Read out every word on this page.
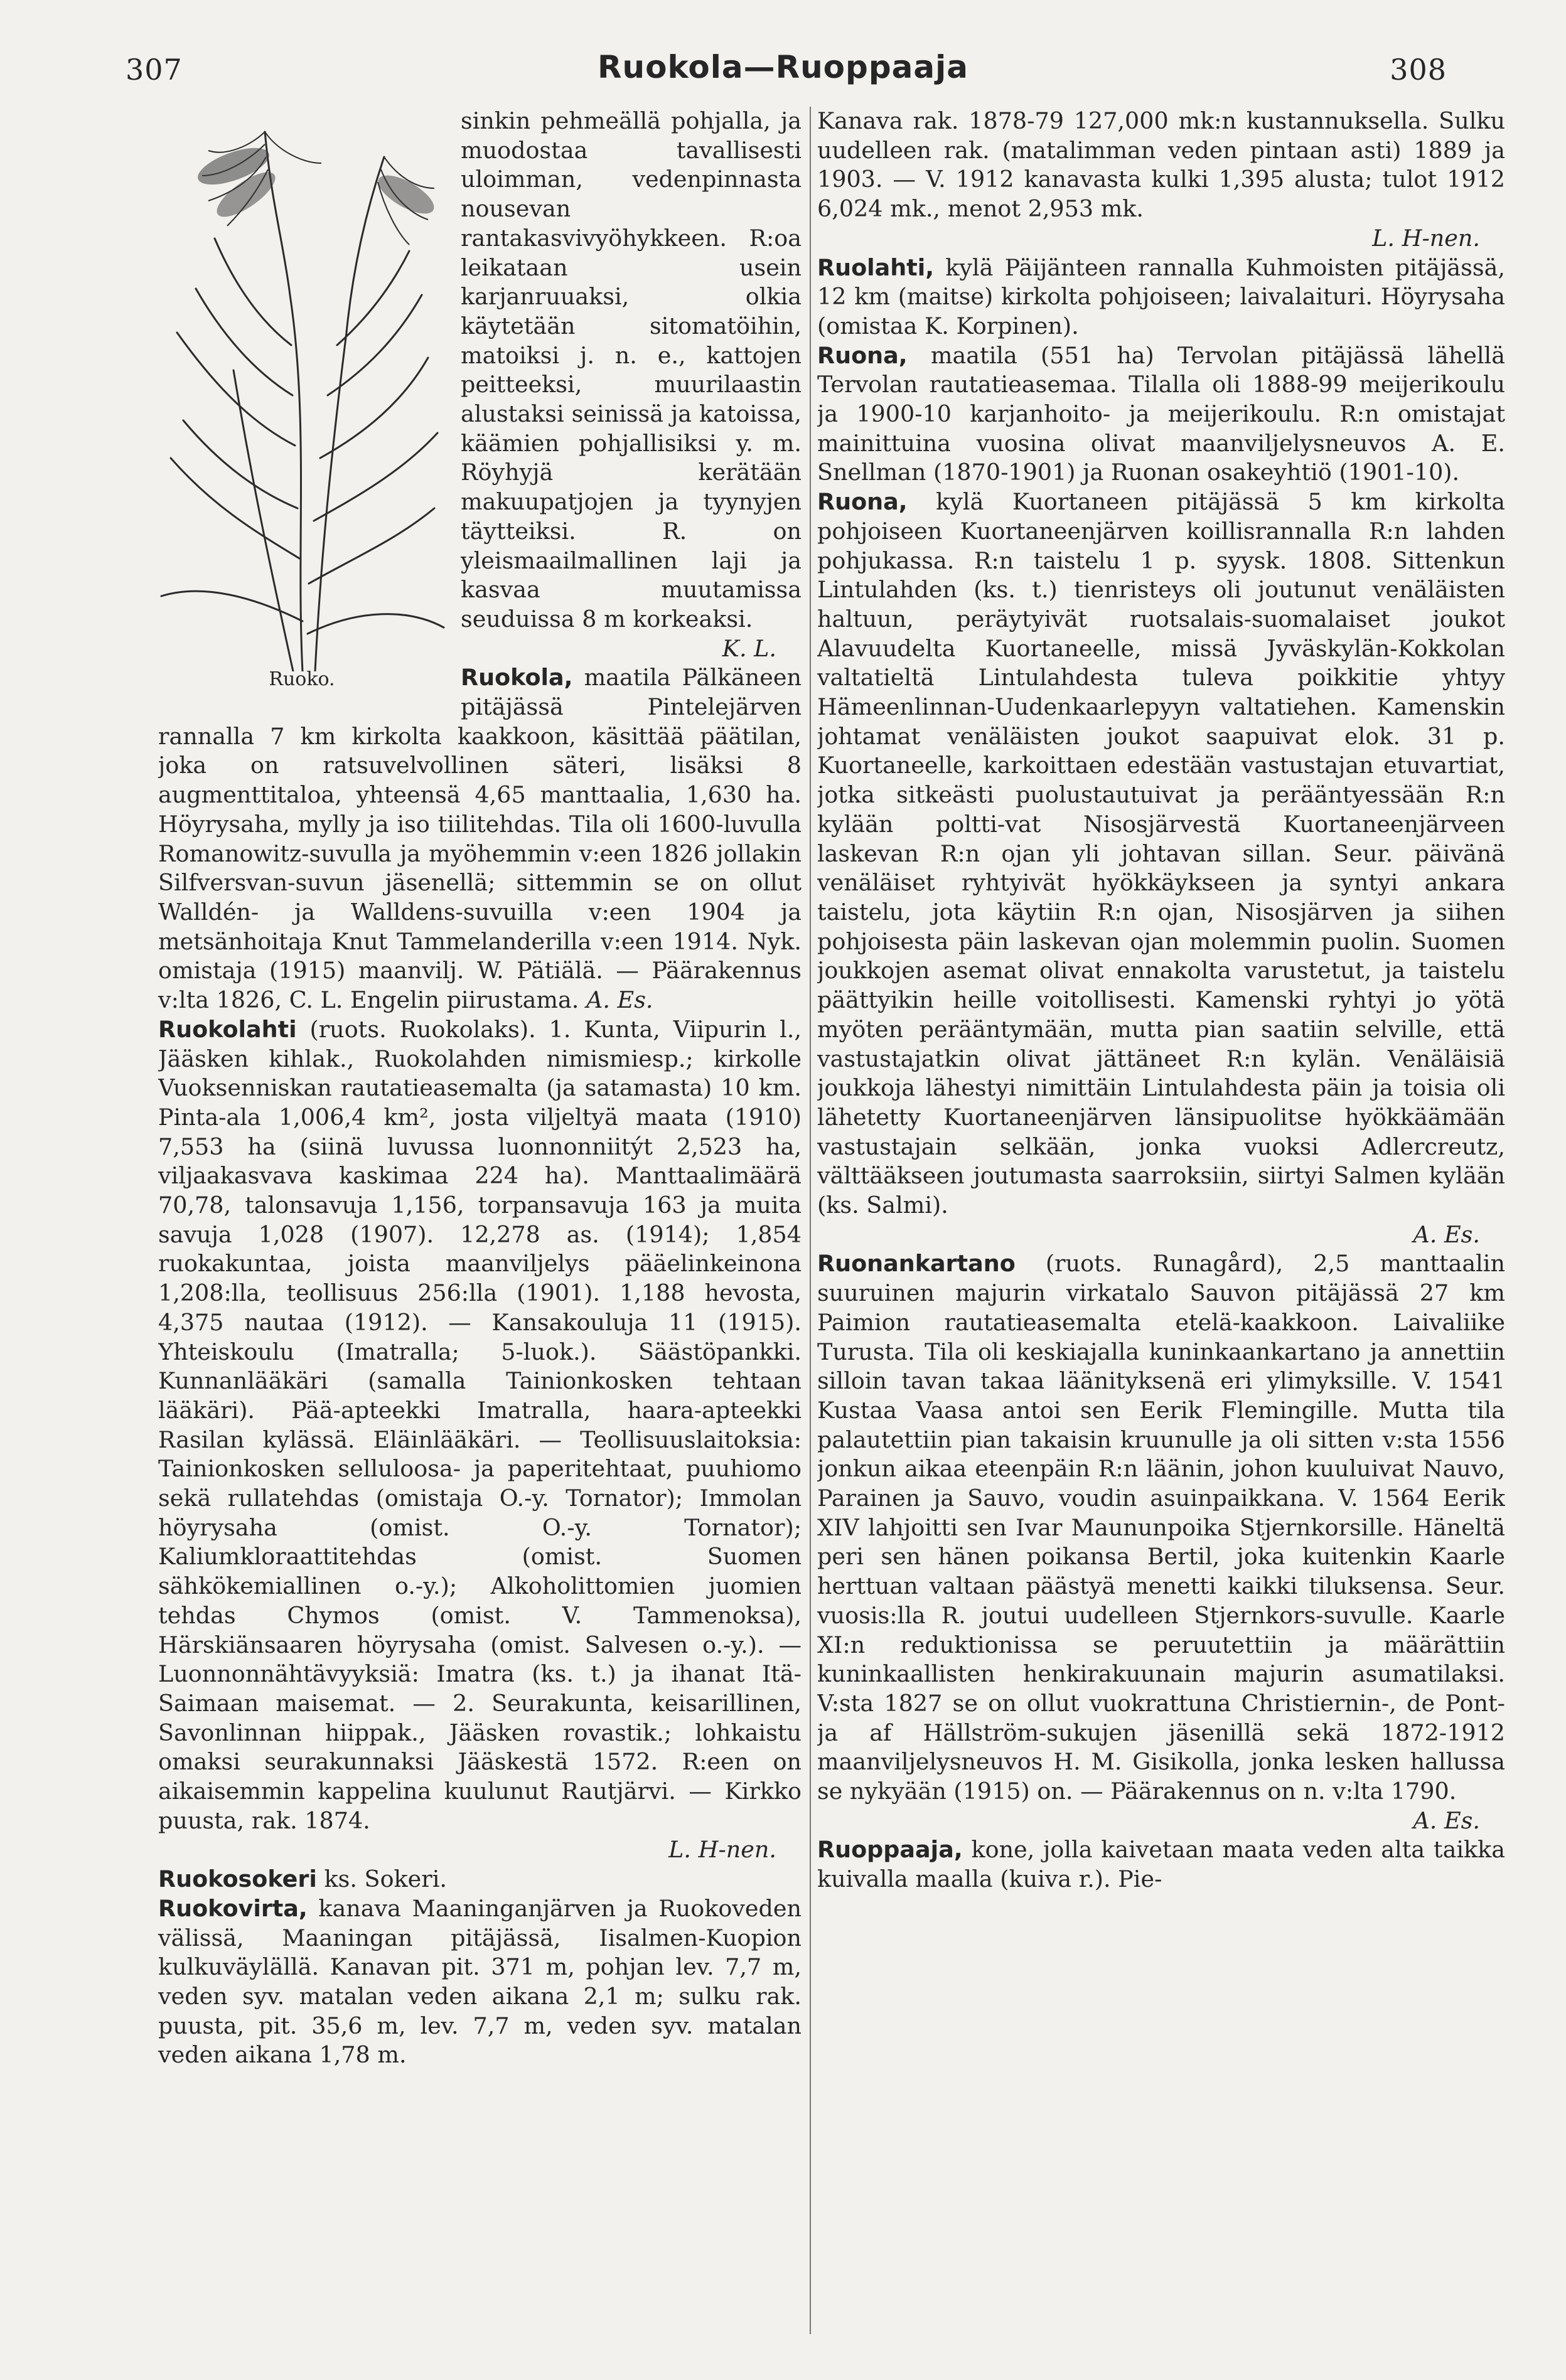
307	Ruokola—Ruoppaaja	308
Ruoko.

sinkin pehmeällä pohjalla, ja muodostaa tavallisesti uloimman, vedenpinnasta nousevan rantakasvivyöhykkeen. R:oa leikataan usein karjanruuaksi, olkia käytetään sitomatöihin, matoiksi j. n. e., kattojen peitteeksi, muurilaastin alustaksi seinissä ja katoissa, käämien pohjallisiksi y. m. Röyhyjä kerätään makuupatjojen ja tyynyjen täytteiksi. R. on yleismaailmallinen laji ja kasvaa muutamissa seuduissa 8 m korkeaksi.

K. L.

Ruokola, maatila Pälkäneen pitäjässä Pintelejärven rannalla 7 km kirkolta kaakkoon, käsittää päätilan, joka on ratsuvelvollinen säteri, lisäksi 8 augmenttitaloa, yhteensä 4,65 manttaalia, 1,630 ha. Höyrysaha, mylly ja iso tiilitehdas. Tila oli 1600-luvulla Romanowitz-suvulla ja myöhemmin v:een 1826 jollakin Silfversvan-suvun jäsenellä; sittemmin se on ollut Walldén- ja Walldens-suvuilla v:een 1904 ja metsänhoitaja Knut Tammelanderilla v:een 1914. Nyk. omistaja (1915) maanvilj. W. Pätiälä. — Päärakennus v:lta 1826, C. L. Engelin piirustama. A. Es.

Ruokolahti (ruots. Ruokolaks). 1. Kunta, Viipurin l., Jääsken kihlak., Ruokolahden nimismiesp.; kirkolle Vuoksenniskan rautatieasemalta (ja satamasta) 10 km. Pinta-ala 1,006,4 km², josta viljeltyä maata (1910) 7,553 ha (siinä luvussa luonnonniitýt 2,523 ha, viljaakasvava kaskimaa 224 ha). Manttaalimäärä 70,78, talonsavuja 1,156, torpansavuja 163 ja muita savuja 1,028 (1907). 12,278 as. (1914); 1,854 ruokakuntaa, joista maanviljelys pääelinkeinona 1,208:lla, teollisuus 256:lla (1901). 1,188 hevosta, 4,375 nautaa (1912). — Kansakouluja 11 (1915). Yhteiskoulu (Imatralla; 5-luok.). Säästöpankki. Kunnanlääkäri (samalla Tainionkosken tehtaan lääkäri). Pää-apteekki Imatralla, haara-apteekki Rasilan kylässä. Eläinlääkäri. — Teollisuuslaitoksia: Tainionkosken selluloosa- ja paperitehtaat, puuhiomo sekä rullatehdas (omistaja O.-y. Tornator); Immolan höyrysaha (omist. O.-y. Tornator); Kaliumkloraattitehdas (omist. Suomen sähkökemiallinen o.-y.); Alkoholittomien juomien tehdas Chymos (omist. V. Tammenoksa), Härskiänsaaren höyrysaha (omist. Salvesen o.-y.). — Luonnonnähtävyyksiä: Imatra (ks. t.) ja ihanat Itä-Saimaan maisemat. — 2. Seurakunta, keisarillinen, Savonlinnan hiippak., Jääsken rovastik.; lohkaistu omaksi seurakunnaksi Jääskestä 1572. R:een on aikaisemmin kappelina kuulunut Rautjärvi. — Kirkko puusta, rak. 1874.

L. H-nen.

Ruokosokeri ks. Sokeri.

Ruokovirta, kanava Maaninganjärven ja Ruokoveden välissä, Maaningan pitäjässä, Iisalmen-Kuopion kulkuväylällä. Kanavan pit. 371 m, pohjan lev. 7,7 m, veden syv. matalan veden aikana 2,1 m; sulku rak. puusta, pit. 35,6 m, lev. 7,7 m, veden syv. matalan veden aikana 1,78 m.

Kanava rak. 1878-79 127,000 mk:n kustannuksella. Sulku uudelleen rak. (matalimman veden pintaan asti) 1889 ja 1903. — V. 1912 kanavasta kulki 1,395 alusta; tulot 1912 6,024 mk., menot 2,953 mk.

L. H-nen.

Ruolahti, kylä Päijänteen rannalla Kuhmoisten pitäjässä, 12 km (maitse) kirkolta pohjoiseen; laivalaituri. Höyrysaha (omistaa K. Korpinen).

Ruona, maatila (551 ha) Tervolan pitäjässä lähellä Tervolan rautatieasemaa. Tilalla oli 1888-99 meijerikoulu ja 1900-10 karjanhoito- ja meijerikoulu. R:n omistajat mainittuina vuosina olivat maanviljelysneuvos A. E. Snellman (1870-1901) ja Ruonan osakeyhtiö (1901-10).

Ruona, kylä Kuortaneen pitäjässä 5 km kirkolta pohjoiseen Kuortaneenjärven koillisrannalla R:n lahden pohjukassa. R:n taistelu 1 p. syysk. 1808. Sittenkun Lintulahden (ks. t.) tienristeys oli joutunut venäläisten haltuun, peräytyivät ruotsalais-suomalaiset joukot Alavuudelta Kuortaneelle, missä Jyväskylän-Kokkolan valtatieltä Lintulahdesta tuleva poikkitie yhtyy Hämeenlinnan-Uudenkaarlepyyn valtatiehen. Kamenskin johtamat venäläisten joukot saapuivat elok. 31 p. Kuortaneelle, karkoittaen edestään vastustajan etuvartiat, jotka sitkeästi puolustautuivat ja perääntyessään R:n kylään poltti-vat Nisosjärvestä Kuortaneenjärveen laskevan R:n ojan yli johtavan sillan. Seur. päivänä venäläiset ryhtyivät hyökkäykseen ja syntyi ankara taistelu, jota käytiin R:n ojan, Nisosjärven ja siihen pohjoisesta päin laskevan ojan molemmin puolin. Suomen joukkojen asemat olivat ennakolta varustetut, ja taistelu päättyikin heille voitollisesti. Kamenski ryhtyi jo yötä myöten perääntymään, mutta pian saatiin selville, että vastustajatkin olivat jättäneet R:n kylän. Venäläisiä joukkoja lähestyi nimittäin Lintulahdesta päin ja toisia oli lähetetty Kuortaneenjärven länsipuolitse hyökkäämään vastustajain selkään, jonka vuoksi Adlercreutz, välttääkseen joutumasta saarroksiin, siirtyi Salmen kylään (ks. Salmi).

A. Es.

Ruonankartano (ruots. Runagård), 2,5 manttaalin suuruinen majurin virkatalo Sauvon pitäjässä 27 km Paimion rautatieasemalta etelä-kaakkoon. Laivaliike Turusta. Tila oli keskiajalla kuninkaankartano ja annettiin silloin tavan takaa läänityksenä eri ylimyksille. V. 1541 Kustaa Vaasa antoi sen Eerik Flemingille. Mutta tila palautettiin pian takaisin kruunulle ja oli sitten v:sta 1556 jonkun aikaa eteenpäin R:n läänin, johon kuuluivat Nauvo, Parainen ja Sauvo, voudin asuinpaikkana. V. 1564 Eerik XIV lahjoitti sen Ivar Maununpoika Stjernkorsille. Häneltä peri sen hänen poikansa Bertil, joka kuitenkin Kaarle herttuan valtaan päästyä menetti kaikki tiluksensa. Seur. vuosis:lla R. joutui uudelleen Stjernkors-suvulle. Kaarle XI:n reduktionissa se peruutettiin ja määrättiin kuninkaallisten henkirakuunain majurin asumatilaksi. V:sta 1827 se on ollut vuokrattuna Christiernin-, de Pont- ja af Hällström-sukujen jäsenillä sekä 1872-1912 maanviljelysneuvos H. M. Gisikolla, jonka lesken hallussa se nykyään (1915) on. — Päärakennus on n. v:lta 1790.

A. Es.

Ruoppaaja, kone, jolla kaivetaan maata veden alta taikka kuivalla maalla (kuiva r.). Pie-
